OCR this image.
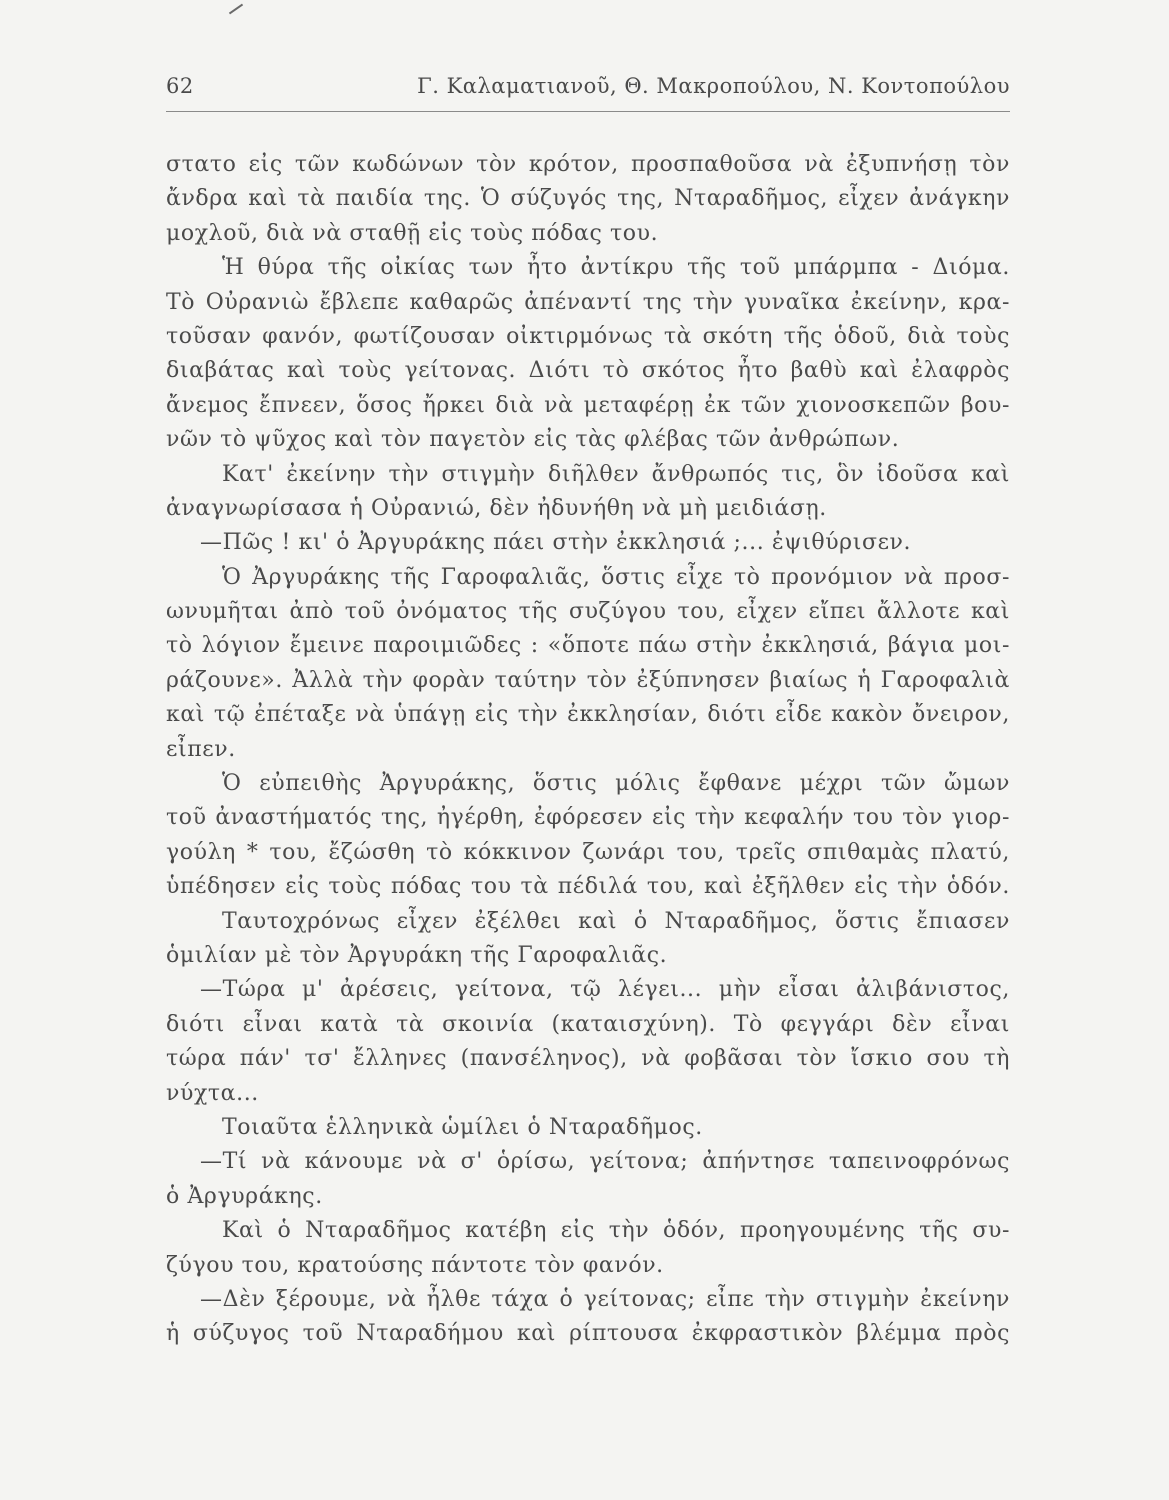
62	Γ. Καλαματιανοῦ, Θ. Μακροπούλου, Ν. Κοντοπούλου
στατο εἰς τῶν κωδώνων τὸν κρότον, προσπαθοῦσα νὰ ἐξυπνήσῃ τὸν
ἄνδρα καὶ τὰ παιδία της. Ὁ σύζυγός της, Νταραδῆμος, εἶχεν ἀνάγκην
μοχλοῦ, διὰ νὰ σταθῇ εἰς τοὺς πόδας του.
Ἡ θύρα τῆς οἰκίας των ἦτο ἀντίκρυ τῆς τοῦ μπάρμπα - Διόμα.
Τὸ Οὐρανιὼ ἔβλεπε καθαρῶς ἀπέναντί της τὴν γυναῖκα ἐκείνην, κρα-
τοῦσαν φανόν, φωτίζουσαν οἰκτιρμόνως τὰ σκότη τῆς ὁδοῦ, διὰ τοὺς
διαβάτας καὶ τοὺς γείτονας. Διότι τὸ σκότος ἦτο βαθὺ καὶ ἐλαφρὸς
ἄνεμος ἔπνεεν, ὅσος ἤρκει διὰ νὰ μεταφέρῃ ἐκ τῶν χιονοσκεπῶν βου-
νῶν τὸ ψῦχος καὶ τὸν παγετὸν εἰς τὰς φλέβας τῶν ἀνθρώπων.
Κατ' ἐκείνην τὴν στιγμὴν διῆλθεν ἄνθρωπός τις, ὃν ἰδοῦσα καὶ
ἀναγνωρίσασα ἡ Οὐρανιώ, δὲν ἠδυνήθη νὰ μὴ μειδιάσῃ.
—Πῶς ! κι' ὁ Ἀργυράκης πάει στὴν ἐκκλησιά ;... ἐψιθύρισεν.
Ὁ Ἀργυράκης τῆς Γαροφαλιᾶς, ὅστις εἶχε τὸ προνόμιον νὰ προσ-
ωνυμῆται ἀπὸ τοῦ ὀνόματος τῆς συζύγου του, εἶχεν εἴπει ἄλλοτε καὶ
τὸ λόγιον ἔμεινε παροιμιῶδες : «ὅποτε πάω στὴν ἐκκλησιά, βάγια μοι-
ράζουνε». Ἀλλὰ τὴν φορὰν ταύτην τὸν ἐξύπνησεν βιαίως ἡ Γαροφαλιὰ
καὶ τῷ ἐπέταξε νὰ ὑπάγῃ εἰς τὴν ἐκκλησίαν, διότι εἶδε κακὸν ὄνειρον,
εἶπεν.
Ὁ εὐπειθὴς Ἀργυράκης, ὅστις μόλις ἔφθανε μέχρι τῶν ὤμων
τοῦ ἀναστήματός της, ἠγέρθη, ἐφόρεσεν εἰς τὴν κεφαλήν του τὸν γιορ-
γούλη * του, ἔζώσθη τὸ κόκκινον ζωνάρι του, τρεῖς σπιθαμὰς πλατύ,
ὑπέδησεν εἰς τοὺς πόδας του τὰ πέδιλά του, καὶ ἐξῆλθεν εἰς τὴν ὁδόν.
Ταυτοχρόνως εἶχεν ἐξέλθει καὶ ὁ Νταραδῆμος, ὅστις ἔπιασεν
ὁμιλίαν μὲ τὸν Ἀργυράκη τῆς Γαροφαλιᾶς.
—Τώρα μ' ἀρέσεις, γείτονα, τῷ λέγει... μὴν εἶσαι ἀλιβάνιστος,
διότι εἶναι κατὰ τὰ σκοινία (καταισχύνη). Τὸ φεγγάρι δὲν εἶναι
τώρα πάν' τσ' ἔλληνες (πανσέληνος), νὰ φοβᾶσαι τὸν ἴσκιο σου τὴ
νύχτα...
Τοιαῦτα ἑλληνικὰ ὡμίλει ὁ Νταραδῆμος.
—Τί νὰ κάνουμε νὰ σ' ὁρίσω, γείτονα; ἀπήντησε ταπεινοφρόνως
ὁ Ἀργυράκης.
Καὶ ὁ Νταραδῆμος κατέβη εἰς τὴν ὁδόν, προηγουμένης τῆς συ-
ζύγου του, κρατούσης πάντοτε τὸν φανόν.
—Δὲν ξέρουμε, νὰ ἦλθε τάχα ὁ γείτονας; εἶπε τὴν στιγμὴν ἐκείνην
ἡ σύζυγος τοῦ Νταραδήμου καὶ ρίπτουσα ἐκφραστικὸν βλέμμα πρὸς
